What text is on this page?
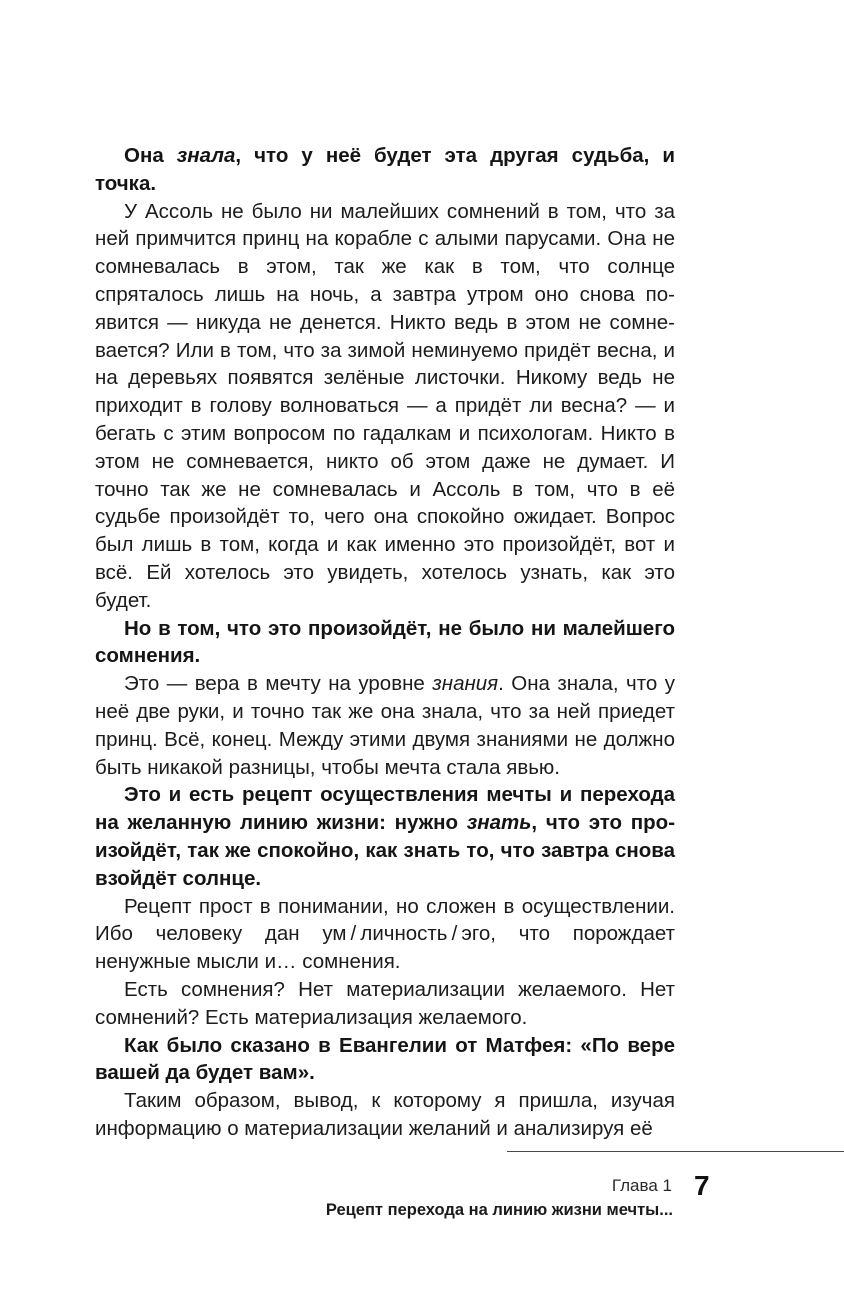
Она знала, что у неё будет эта другая судьба, и точка.

У Ассоль не было ни малейших сомнений в том, что за ней примчится принц на корабле с алыми парусами. Она не сомневалась в этом, так же как в том, что солнце спряталось лишь на ночь, а завтра утром оно снова появится — никуда не денется. Никто ведь в этом не сомневается? Или в том, что за зимой неминуемо придёт весна, и на деревьях появятся зелёные листочки. Никому ведь не приходит в голову волноваться — а придёт ли весна? — и бегать с этим вопросом по гадалкам и психологам. Никто в этом не сомневается, никто об этом даже не думает. И точно так же не сомневалась и Ассоль в том, что в её судьбе произойдёт то, чего она спокойно ожидает. Вопрос был лишь в том, когда и как именно это произойдёт, вот и всё. Ей хотелось это увидеть, хотелось узнать, как это будет.

Но в том, что это произойдёт, не было ни малейшего сомнения.

Это — вера в мечту на уровне знания. Она знала, что у неё две руки, и точно так же она знала, что за ней приедет принц. Всё, конец. Между этими двумя знаниями не должно быть никакой разницы, чтобы мечта стала явью.

Это и есть рецепт осуществления мечты и перехода на желанную линию жизни: нужно знать, что это произойдёт, так же спокойно, как знать то, что завтра снова взойдёт солнце.

Рецепт прост в понимании, но сложен в осуществлении. Ибо человеку дан ум / личность / эго, что порождает ненужные мысли и… сомнения.

Есть сомнения? Нет материализации желаемого. Нет сомнений? Есть материализация желаемого.

Как было сказано в Евангелии от Матфея: «По вере вашей да будет вам».

Таким образом, вывод, к которому я пришла, изучая информацию о материализации желаний и анализируя её

Глава 1 7
Рецепт перехода на линию жизни мечты...
